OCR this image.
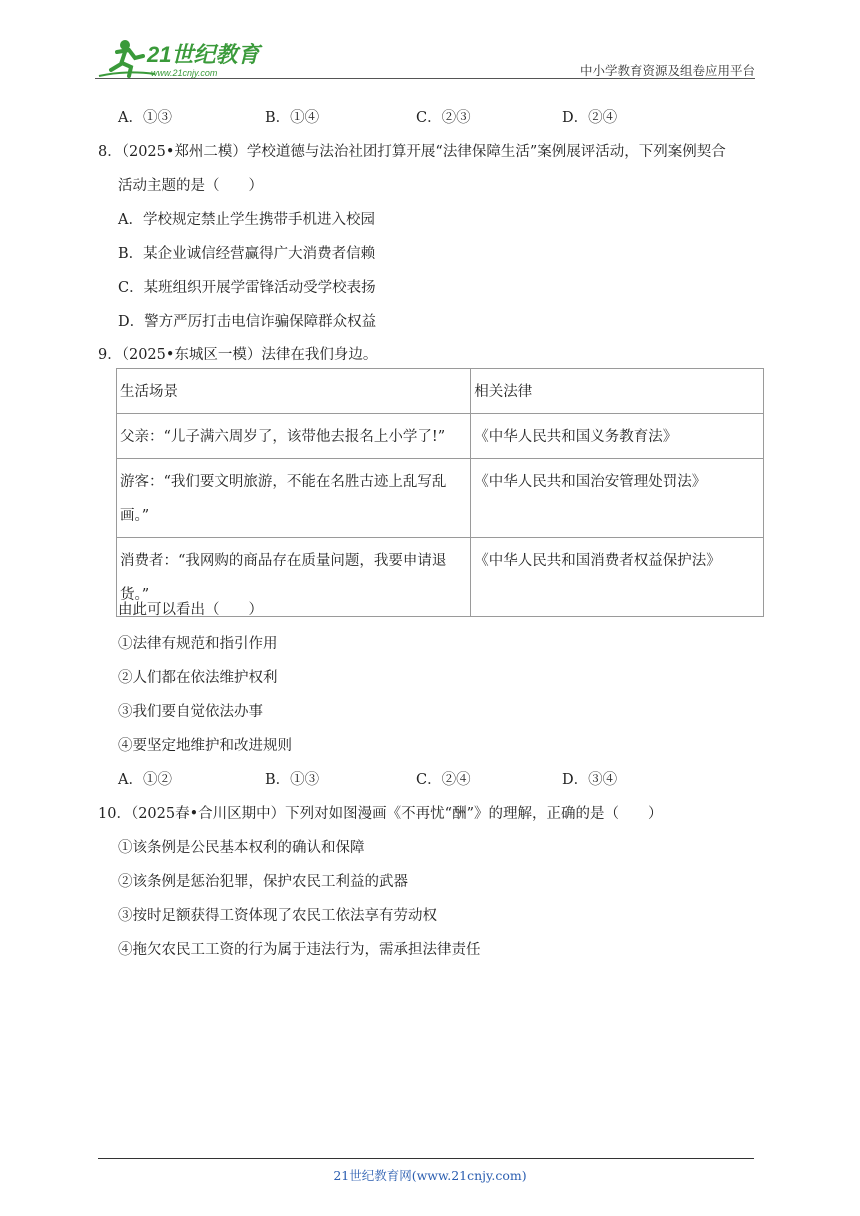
21世纪教育
www.21cnjy.com	中小学教育资源及组卷应用平台
A．①③	B．①④	C．②③	D．②④
8．（2025•郑州二模）学校道德与法治社团打算开展“法律保障生活”案例展评活动，下列案例契合
活动主题的是（　　）
A．学校规定禁止学生携带手机进入校园
B．某企业诚信经营赢得广大消费者信赖
C．某班组织开展学雷锋活动受学校表扬
D．警方严厉打击电信诈骗保障群众权益
9．（2025•东城区一模）法律在我们身边。
生活场景	相关法律
父亲：“儿子满六周岁了，该带他去报名上小学了!”	《中华人民共和国义务教育法》
游客：“我们要文明旅游，不能在名胜古迹上乱写乱画。”	《中华人民共和国治安管理处罚法》
消费者：“我网购的商品存在质量问题，我要申请退货。”	《中华人民共和国消费者权益保护法》
由此可以看出（　　）
①法律有规范和指引作用
②人们都在依法维护权利
③我们要自觉依法办事
④要坚定地维护和改进规则
A．①②	B．①③	C．②④	D．③④
10．（2025春•合川区期中）下列对如图漫画《不再忧“酬”》的理解，正确的是（　　）
①该条例是公民基本权利的确认和保障
②该条例是惩治犯罪，保护农民工利益的武器
③按时足额获得工资体现了农民工依法享有劳动权
④拖欠农民工工资的行为属于违法行为，需承担法律责任
21世纪教育网(www.21cnjy.com)
